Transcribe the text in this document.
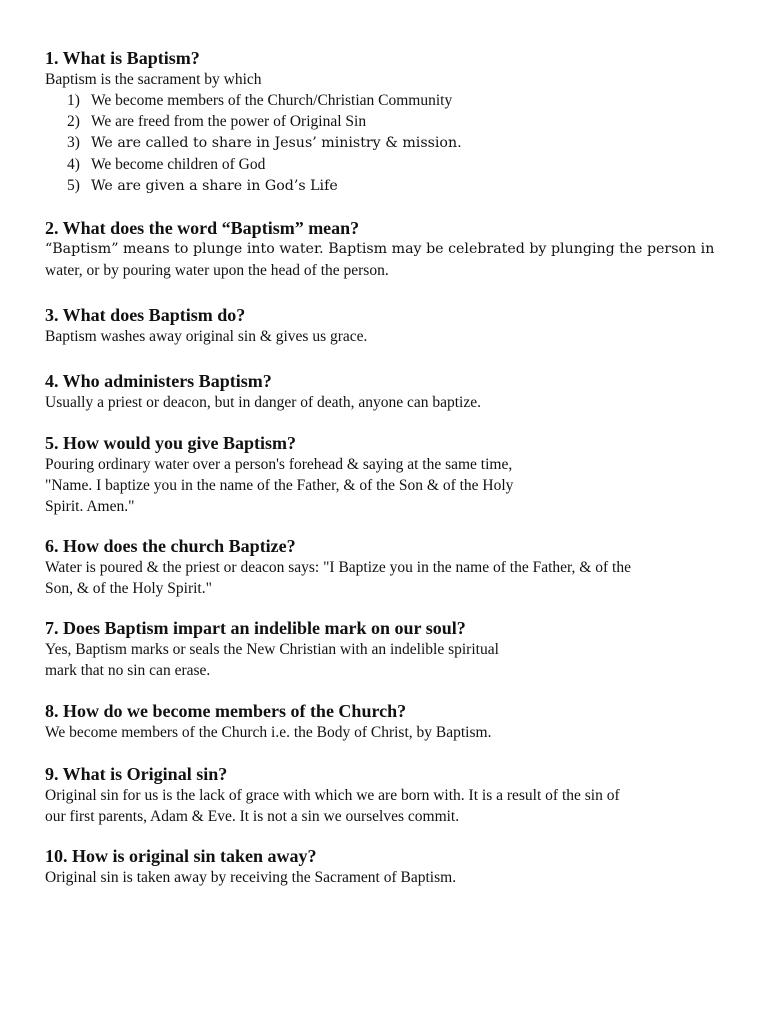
1. What is Baptism?

Baptism is the sacrament by which

1) We become members of the Church/Christian Community
2) We are freed from the power of Original Sin
3) We are called to share in Jesus’ ministry & mission.
4) We become children of God
5) We are given a share in God’s Life

2. What does the word “Baptism” mean?

“Baptism” means to plunge into water. Baptism may be celebrated by plunging the person in

water, or by pouring water upon the head of the person.

3. What does Baptism do?

Baptism washes away original sin & gives us grace.

4. Who administers Baptism?

Usually a priest or deacon, but in danger of death, anyone can baptize.

5. How would you give Baptism?

Pouring ordinary water over a person's forehead & saying at the same time,

"Name. I baptize you in the name of the Father, & of the Son & of the Holy

Spirit. Amen."

6. How does the church Baptize?

Water is poured & the priest or deacon says: "I Baptize you in the name of the Father, & of the

Son, & of the Holy Spirit."

7. Does Baptism impart an indelible mark on our soul?

Yes, Baptism marks or seals the New Christian with an indelible spiritual

mark that no sin can erase.

8. How do we become members of the Church?

We become members of the Church i.e. the Body of Christ, by Baptism.

9. What is Original sin?

Original sin for us is the lack of grace with which we are born with. It is a result of the sin of

our first parents, Adam & Eve. It is not a sin we ourselves commit.

10. How is original sin taken away?

Original sin is taken away by receiving the Sacrament of Baptism.
